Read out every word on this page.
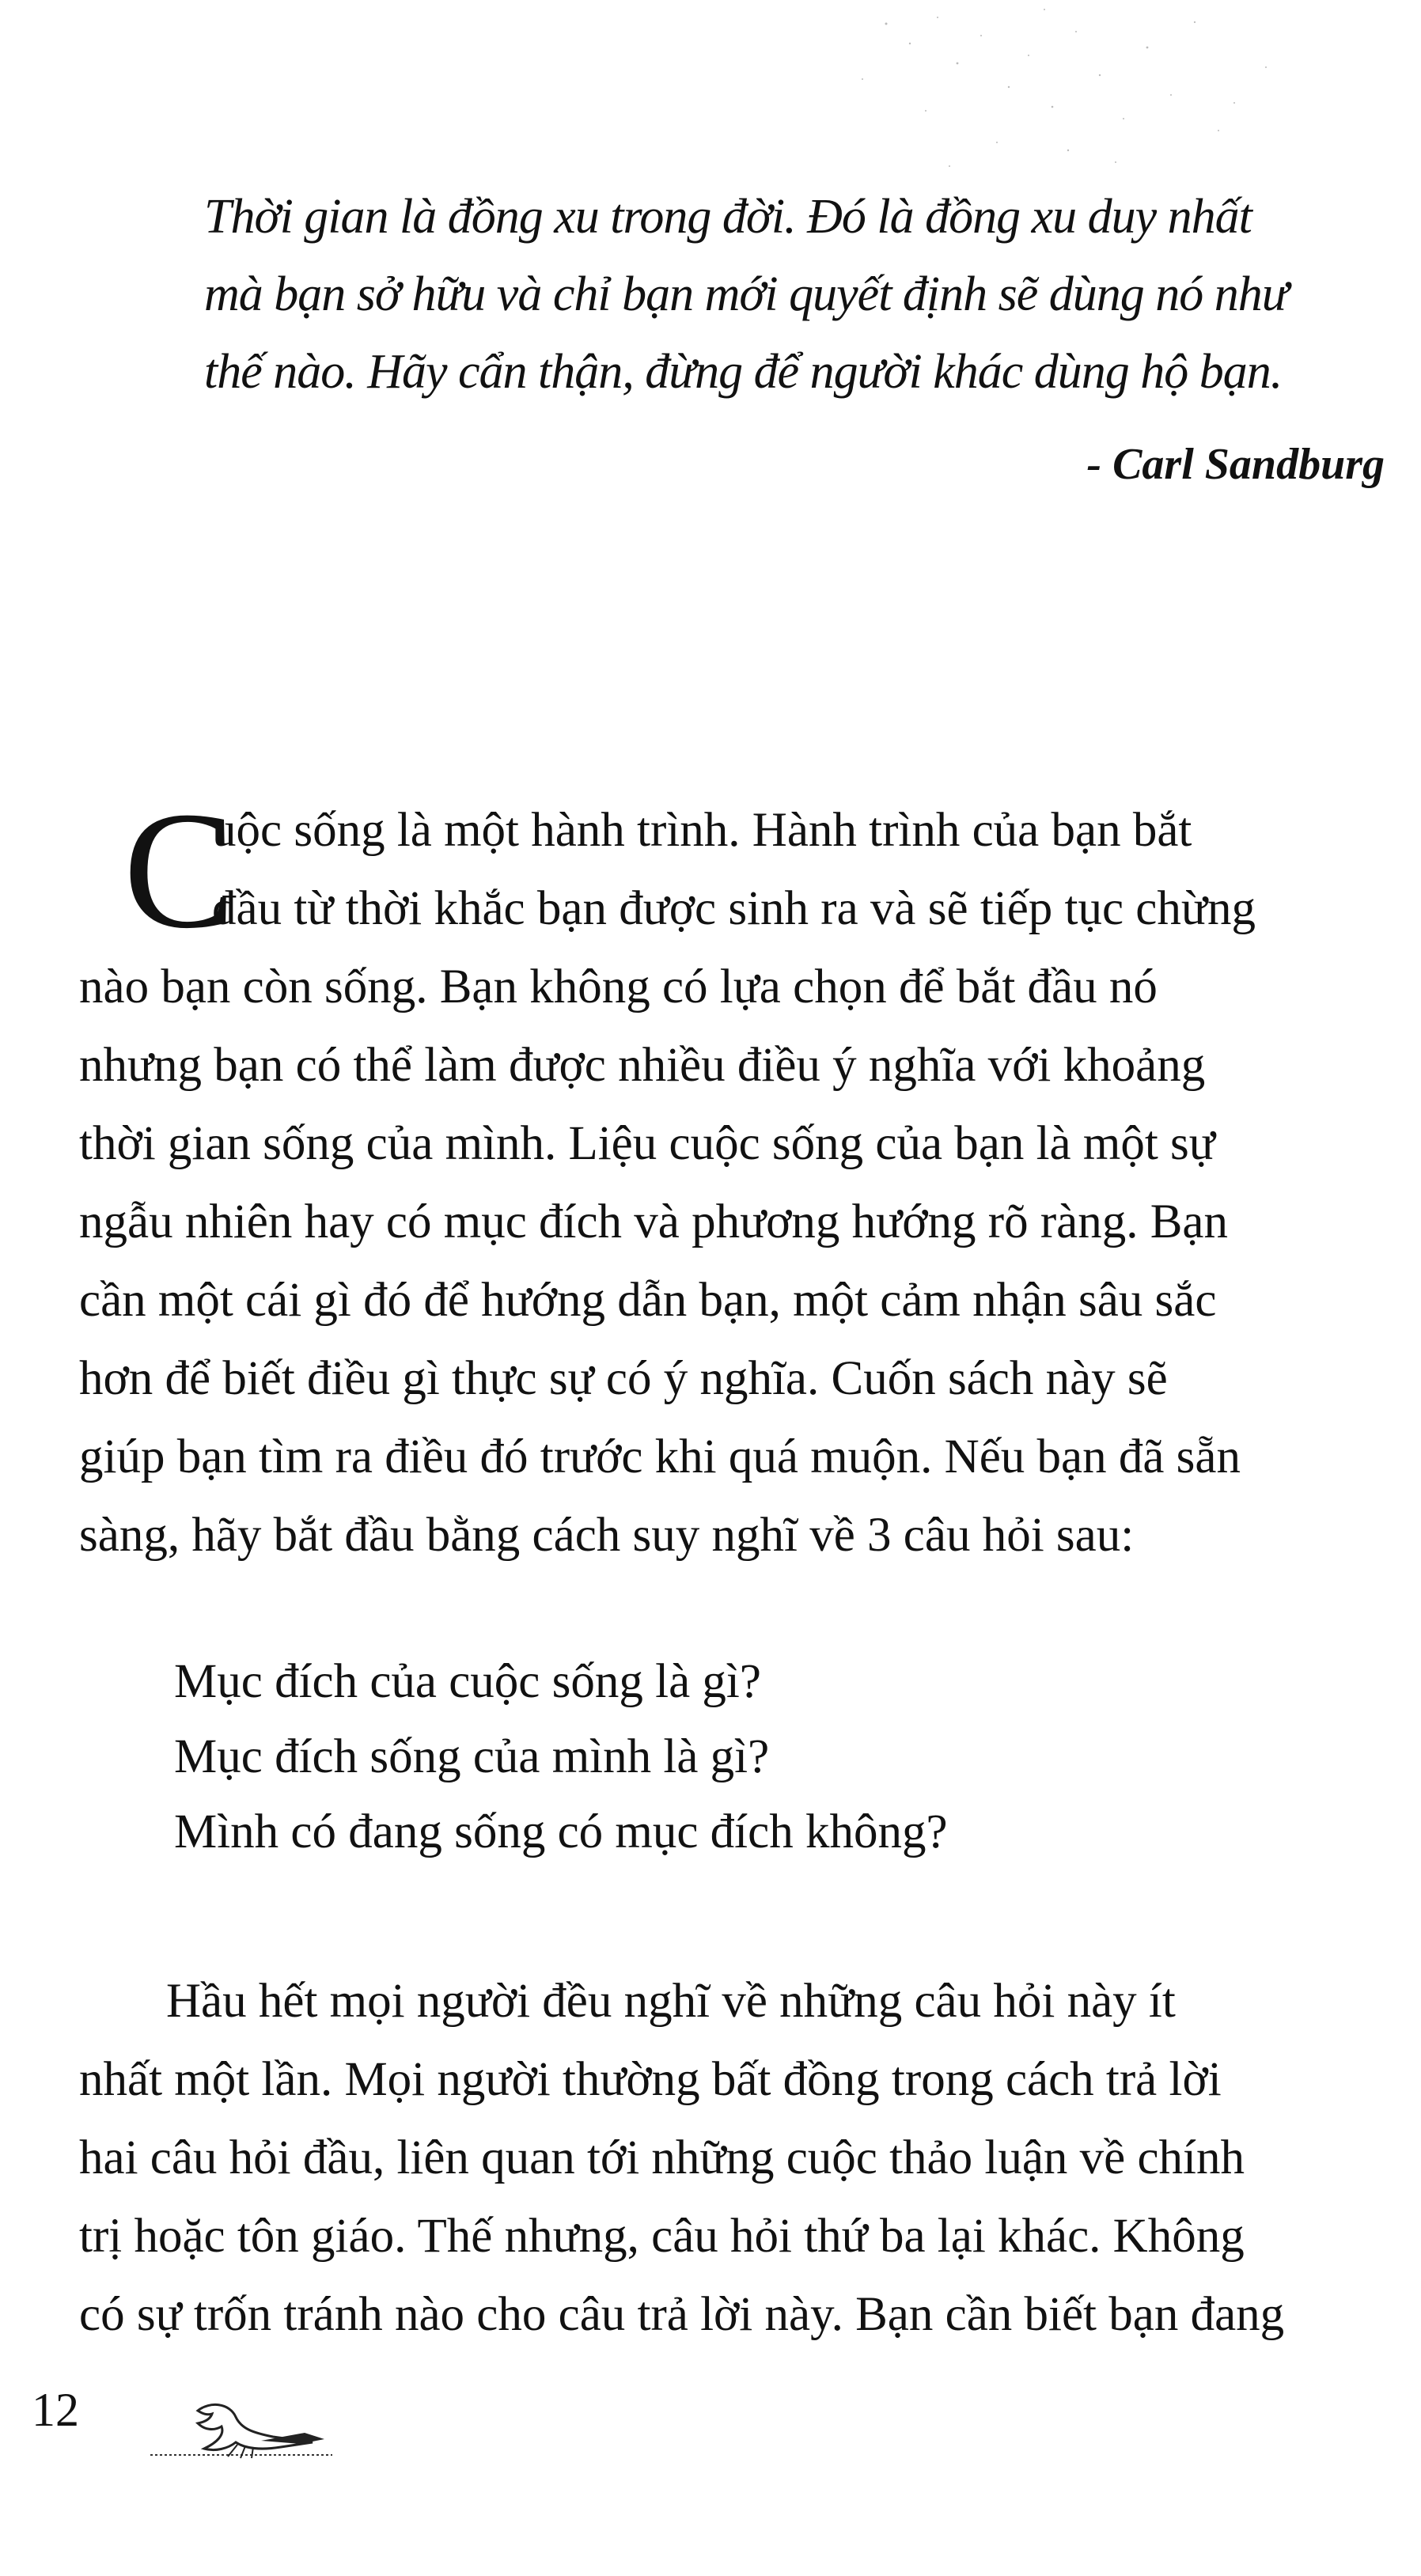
Thời gian là đồng xu trong đời. Đó là đồng xu duy nhất
mà bạn sở hữu và chỉ bạn mới quyết định sẽ dùng nó như
thế nào. Hãy cẩn thận, đừng để người khác dùng hộ bạn.
- Carl Sandburg
C
uộc sống là một hành trình. Hành trình của bạn bắt
đầu từ thời khắc bạn được sinh ra và sẽ tiếp tục chừng
nào bạn còn sống. Bạn không có lựa chọn để bắt đầu nó
nhưng bạn có thể làm được nhiều điều ý nghĩa với khoảng
thời gian sống của mình. Liệu cuộc sống của bạn là một sự
ngẫu nhiên hay có mục đích và phương hướng rõ ràng. Bạn
cần một cái gì đó để hướng dẫn bạn, một cảm nhận sâu sắc
hơn để biết điều gì thực sự có ý nghĩa. Cuốn sách này sẽ
giúp bạn tìm ra điều đó trước khi quá muộn. Nếu bạn đã sẵn
sàng, hãy bắt đầu bằng cách suy nghĩ về 3 câu hỏi sau:
Mục đích của cuộc sống là gì?
Mục đích sống của mình là gì?
Mình có đang sống có mục đích không?
Hầu hết mọi người đều nghĩ về những câu hỏi này ít
nhất một lần. Mọi người thường bất đồng trong cách trả lời
hai câu hỏi đầu, liên quan tới những cuộc thảo luận về chính
trị hoặc tôn giáo. Thế nhưng, câu hỏi thứ ba lại khác. Không
có sự trốn tránh nào cho câu trả lời này. Bạn cần biết bạn đang
12
